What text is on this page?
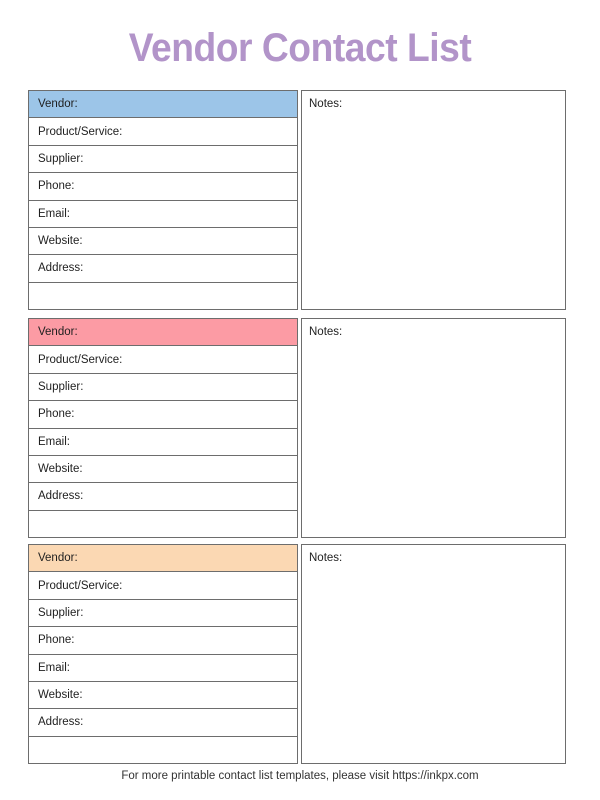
Vendor Contact List
Vendor:
Product/Service:
Supplier:
Phone:
Email:
Website:
Address:
Notes:
Vendor:
Product/Service:
Supplier:
Phone:
Email:
Website:
Address:
Notes:
Vendor:
Product/Service:
Supplier:
Phone:
Email:
Website:
Address:
Notes:
For more printable contact list templates, please visit https://inkpx.com
